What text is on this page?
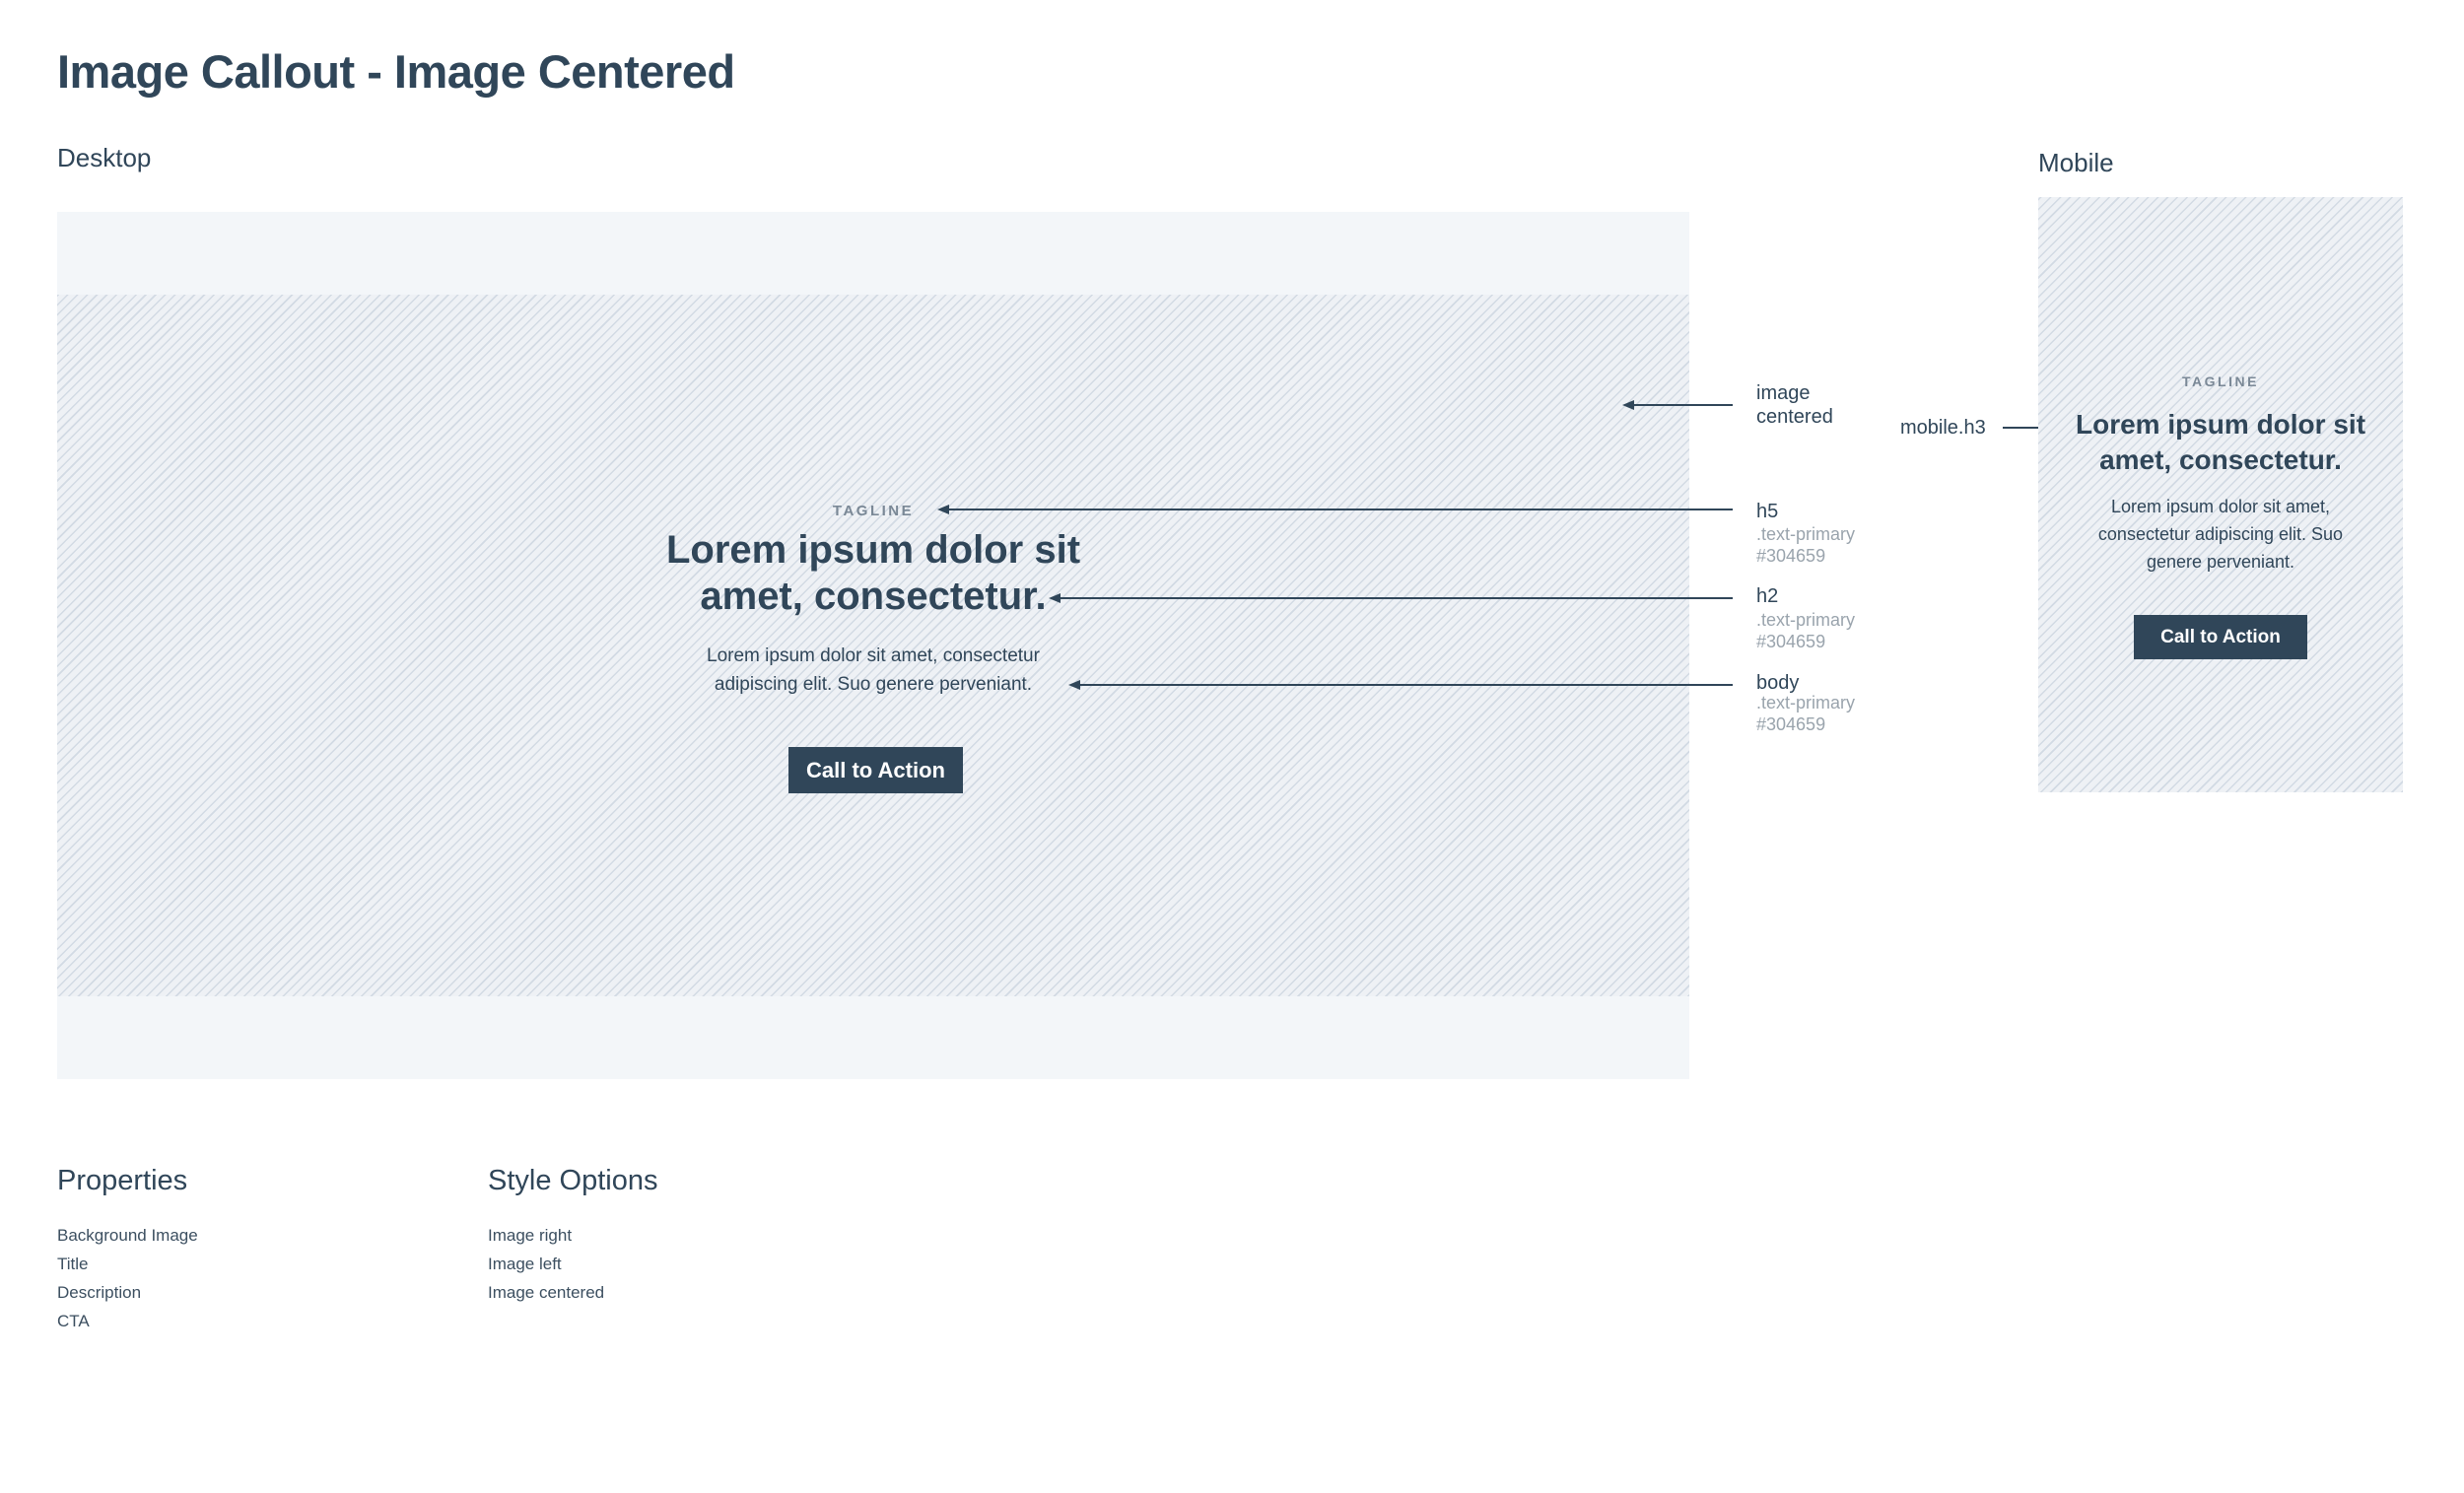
Image Callout - Image Centered
Desktop	Mobile
TAGLINE
Lorem ipsum dolor sit
amet, consectetur.
Lorem ipsum dolor sit amet, consectetur
adipiscing elit. Suo genere perveniant.
Call to Action
image
centered
h5
.text-primary
#304659
h2
.text-primary
#304659
body
.text-primary
#304659
mobile.h3
TAGLINE
Lorem ipsum dolor sit
amet, consectetur.
Lorem ipsum dolor sit amet,
consectetur adipiscing elit. Suo
genere perveniant.
Call to Action
Properties
Background Image
Title
Description
CTA
Style Options
Image right
Image left
Image centered
